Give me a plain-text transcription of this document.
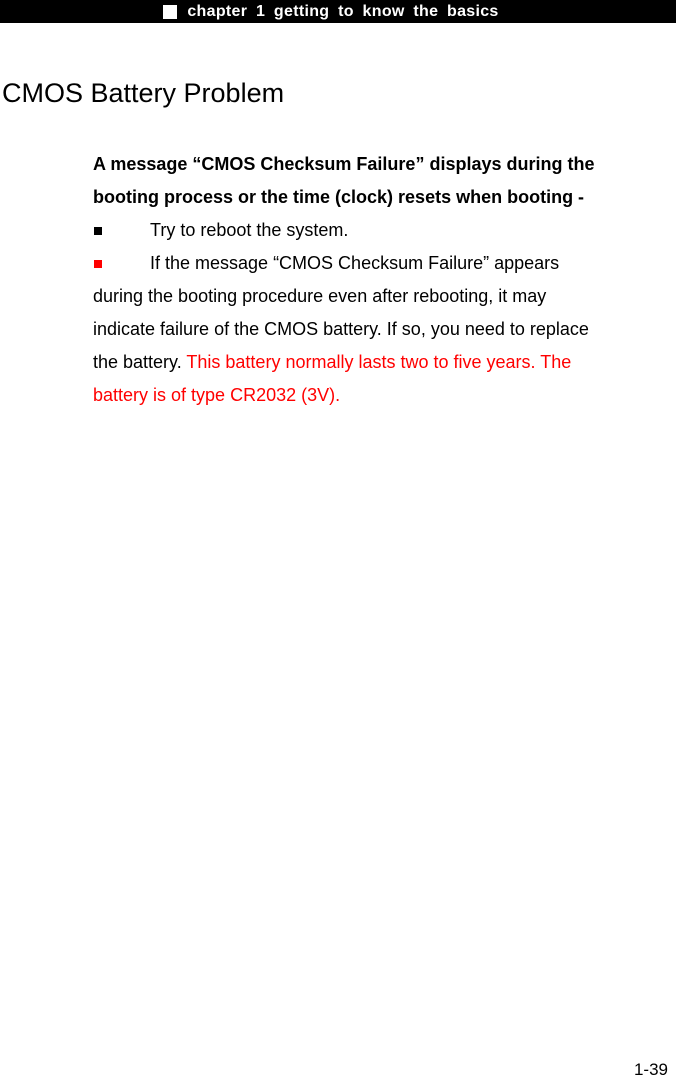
chapter 1 getting to know the basics
CMOS Battery Problem

A message “CMOS Checksum Failure” displays during the

booting process or the time (clock) resets when booting -

Try to reboot the system.
If the message “CMOS Checksum Failure” appears

during the booting procedure even after rebooting, it may

indicate failure of the CMOS battery. If so, you need to replace

the battery. This battery normally lasts two to five years. The

battery is of type CR2032 (3V).

1-39
